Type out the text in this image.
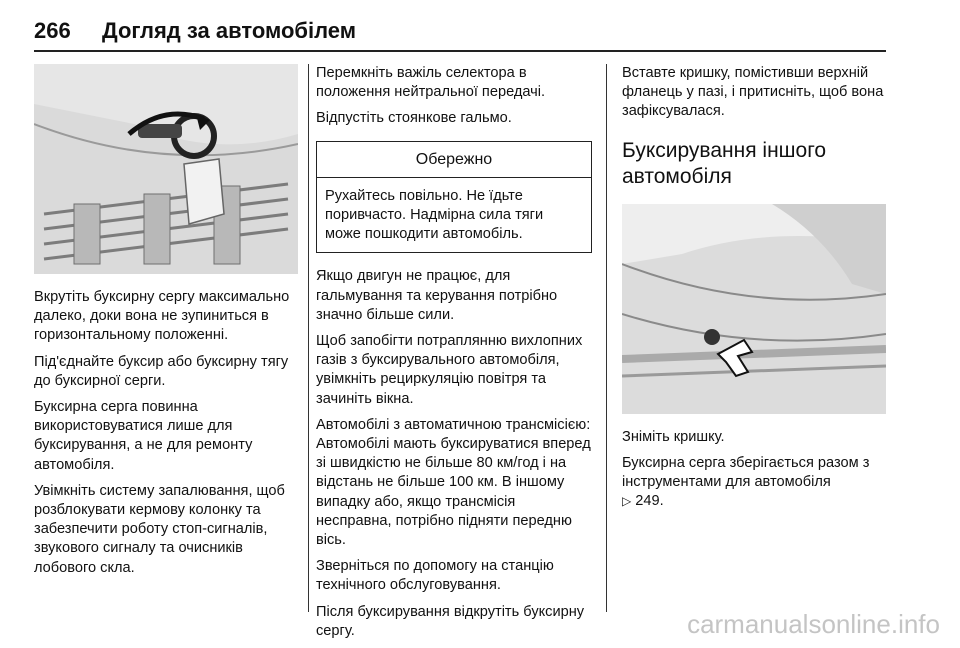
266 Догляд за автомобілем

Вкрутіть буксирну сергу максимально далеко, доки вона не зупиниться в горизонтальному положенні.

Під'єднайте буксир або буксирну тягу до буксирної серги.

Буксирна серга повинна використовуватися лише для буксирування, а не для ремонту автомобіля.

Увімкніть систему запалювання, щоб розблокувати кермову колонку та забезпечити роботу стоп-сигналів, звукового сигналу та очисників лобового скла.

Перемкніть важіль селектора в положення нейтральної передачі.

Відпустіть стоянкове гальмо.

Обережно
Рухайтесь повільно. Не їдьте поривчасто. Надмірна сила тяги може пошкодити автомобіль.

Якщо двигун не працює, для гальмування та керування потрібно значно більше сили.

Щоб запобігти потраплянню вихлопних газів з буксирувального автомобіля, увімкніть рециркуляцію повітря та зачиніть вікна.

Автомобілі з автоматичною трансмісією: Автомобілі мають буксируватися вперед зі швидкістю не більше 80 км/год і на відстань не більше 100 км. В іншому випадку або, якщо трансмісія несправна, потрібно підняти передню вісь.

Зверніться по допомогу на станцію технічного обслуговування.

Після буксирування відкрутіть буксирну сергу.

Вставте кришку, помістивши верхній фланець у пазі, і притисніть, щоб вона зафіксувалася.

Буксирування іншого автомобіля

Зніміть кришку.

Буксирна серга зберігається разом з інструментами для автомобіля
▷ 249.

carmanualsonline.info
